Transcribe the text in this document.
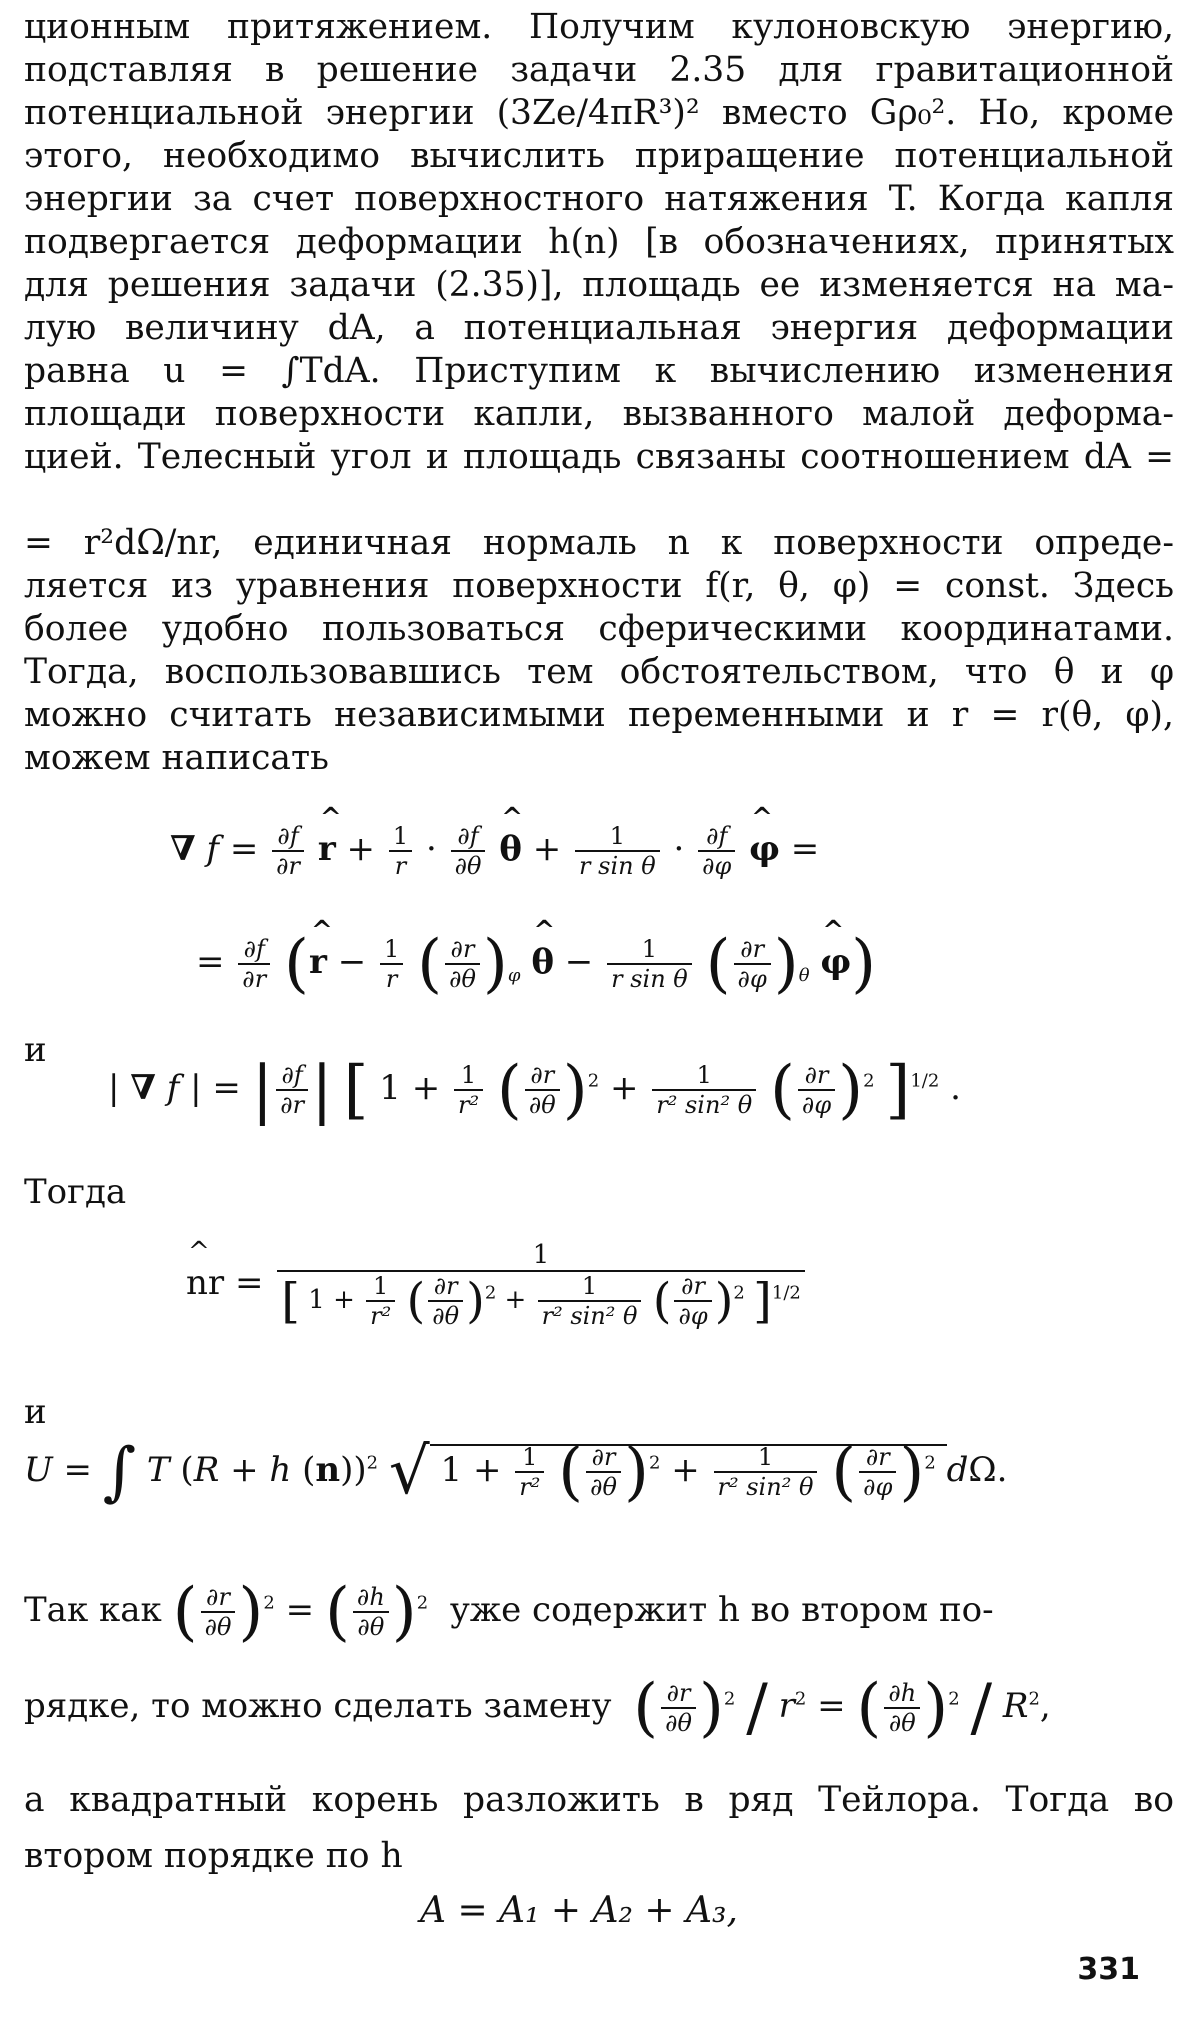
ционным притяжением. Получим кулоновскую энергию,
подставляя в решение задачи 2.35 для гравитационной
потенциальной энергии (3Ze/4πR³)² вместо Gρ₀². Но, кроме
этого, необходимо вычислить приращение потенциальной
энергии за счет поверхностного натяжения T. Когда капля
подвергается деформации h(n) [в обозначениях, принятых
для решения задачи (2.35)], площадь ее изменяется на ма-
лую величину dA, а потенциальная энергия деформации
равна u = ∫TdA. Приступим к вычислению изменения
площади поверхности капли, вызванного малой деформа-
цией. Телесный угол и площадь связаны соотношением dA =
= r²dΩ/nr, единичная нормаль n к поверхности опреде-
ляется из уравнения поверхности f(r, θ, φ) = const. Здесь
более удобно пользоваться сферическими координатами.
Тогда, воспользовавшись тем обстоятельством, что θ и φ
можно считать независимыми переменными и r = r(θ, φ),
можем написать
∇ $f = \frac{\partial f}{\partial r}$ ^ $r + \frac{1}{r} \cdot \frac{\partial f}{\partial\theta}$ ^ $\theta + \frac{1}{\text{r sin θ}} \cdot \frac{\partial f}{\partial\varphi}$ ^ φ =
= $\frac{\partial f}{\partial r}$ (^ $r - \frac{1}{r}$ ( $\frac{\partial r}{\partial\theta} )_\varphi$ ^ $\theta - \frac{1}{\text{r sin θ}}$ ( $\frac{\partial r}{\partial\varphi} )_\theta$ ^ φ)
и
| ∇ f | = | $\frac{\partial f}{\partial r}$ | [ $1 + \frac{1}{\text{r²}}$ ( $\frac{\partial r}{\partial\theta} )^2 + \frac{1}{\text{r² sin² θ}}$ ( $\frac{\partial r}{\partial\varphi} )^2$ ]$^{1/2}$ .
Тогда
^ nr =
1
[ $1 + \frac{1}{\text{r²}}$ ( $\frac{\partial r}{\partial\theta} )^2 + \frac{1}{\text{r² sin² θ}}$ ( $\frac{\partial r}{\partial\varphi} )^2$ ]$^{1/2}$
и
U = ∫ T (R + h (n))$^2$ √ $1 + \frac{1}{\text{r²}}$ ( $\frac{\partial r}{\partial\theta} )^2 + \frac{1}{\text{r² sin² θ}}$ ( $\frac{\partial r}{\partial\varphi} )^2$ dΩ.
Так как ( $\frac{\partial r}{\partial\theta} )^2$ = ( $\frac{\partial h}{\partial\theta} )^2$ уже содержит h во втором по-
рядке, то можно сделать замену ( $\frac{\partial r}{\partial\theta} )^2 / r^2$ = ( $\frac{\partial h}{\partial\theta} )^2 / R^2$,
а квадратный корень разложить в ряд Тейлора. Тогда во
втором порядке по h
A = A₁ + A₂ + A₃,
331
